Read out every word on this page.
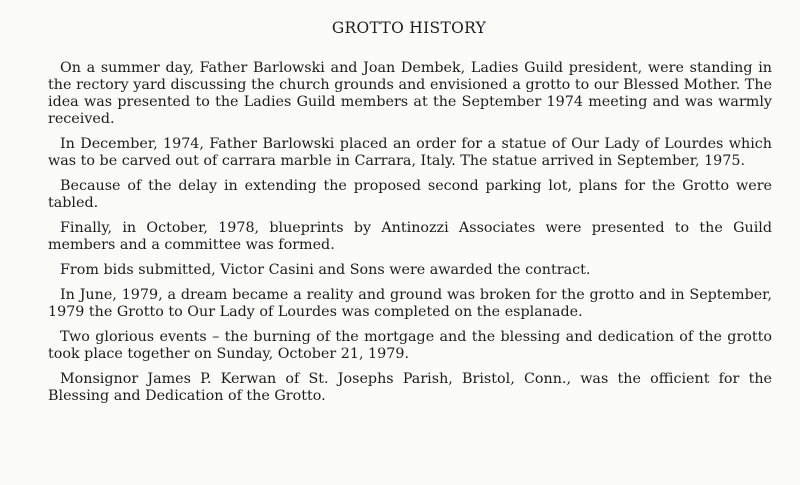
GROTTO HISTORY

On a summer day, Father Barlowski and Joan Dembek, Ladies Guild president, were standing in the rectory yard discussing the church grounds and envisioned a grotto to our Blessed Mother. The idea was presented to the Ladies Guild members at the September 1974 meeting and was warmly received.

In December, 1974, Father Barlowski placed an order for a statue of Our Lady of Lourdes which was to be carved out of carrara marble in Carrara, Italy. The statue arrived in September, 1975.

Because of the delay in extending the proposed second parking lot, plans for the Grotto were tabled.

Finally, in October, 1978, blueprints by Antinozzi Associates were presented to the Guild members and a committee was formed.

From bids submitted, Victor Casini and Sons were awarded the contract.

In June, 1979, a dream became a reality and ground was broken for the grotto and in September, 1979 the Grotto to Our Lady of Lourdes was completed on the esplanade.

Two glorious events – the burning of the mortgage and the blessing and dedication of the grotto took place together on Sunday, October 21, 1979.

Monsignor James P. Kerwan of St. Josephs Parish, Bristol, Conn., was the officient for the Blessing and Dedication of the Grotto.
